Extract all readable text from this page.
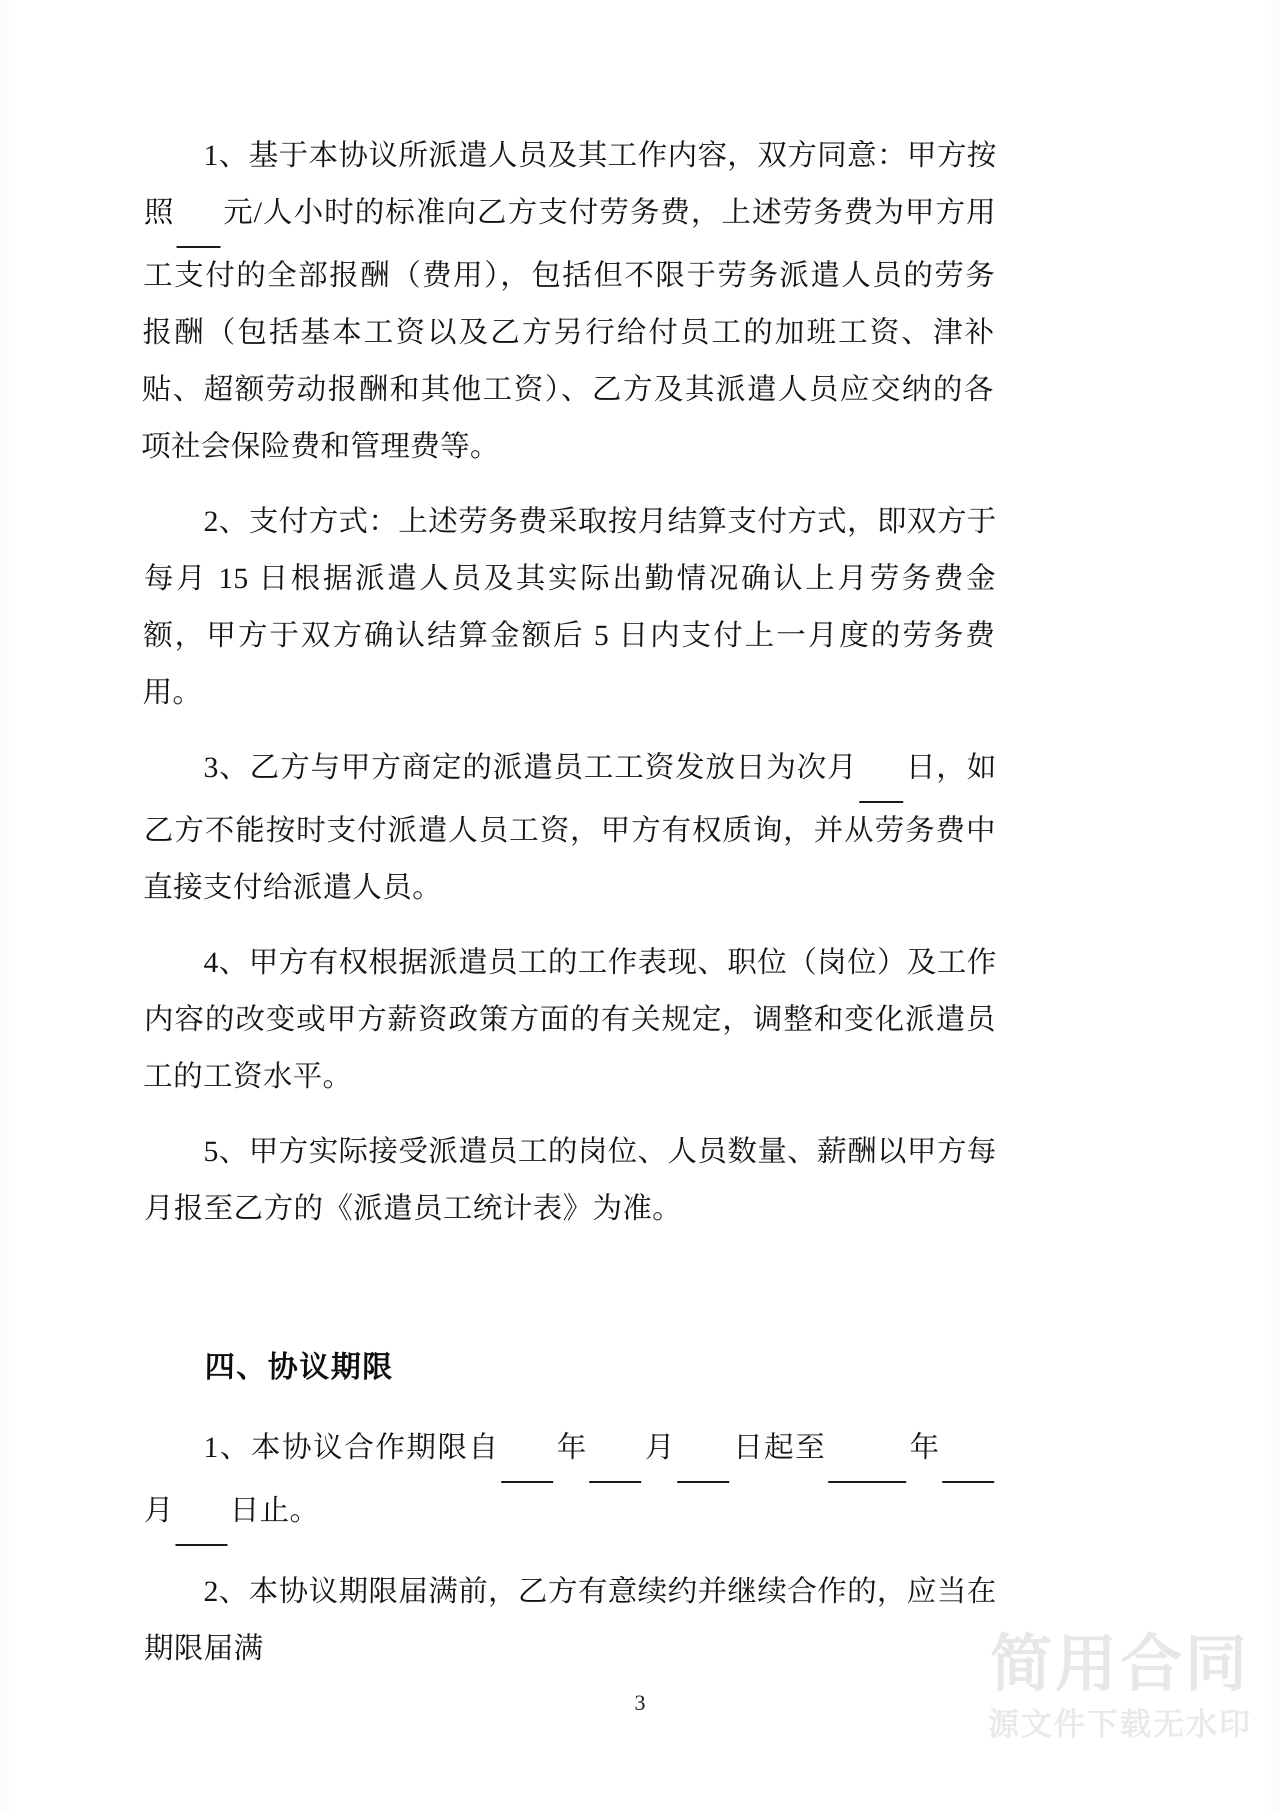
1、基于本协议所派遣人员及其工作内容，双方同意：甲方按照 元/人小时的标准向乙方支付劳务费，上述劳务费为甲方用工支付的全部报酬（费用），包括但不限于劳务派遣人员的劳务报酬（包括基本工资以及乙方另行给付员工的加班工资、津补贴、超额劳动报酬和其他工资）、乙方及其派遣人员应交纳的各项社会保险费和管理费等。

2、支付方式：上述劳务费采取按月结算支付方式，即双方于每月 15 日根据派遣人员及其实际出勤情况确认上月劳务费金额，甲方于双方确认结算金额后 5 日内支付上一月度的劳务费用。

3、乙方与甲方商定的派遣员工工资发放日为次月 日，如乙方不能按时支付派遣人员工资，甲方有权质询，并从劳务费中直接支付给派遣人员。

4、甲方有权根据派遣员工的工作表现、职位（岗位）及工作内容的改变或甲方薪资政策方面的有关规定，调整和变化派遣员工的工资水平。

5、甲方实际接受派遣员工的岗位、人员数量、薪酬以甲方每月报至乙方的《派遣员工统计表》为准。

四、协议期限

1、本协议合作期限自 年 月 日起至	年 月 日止。

2、本协议期限届满前，乙方有意续约并继续合作的，应当在期限届满

3
简用合同
源文件下载无水印
